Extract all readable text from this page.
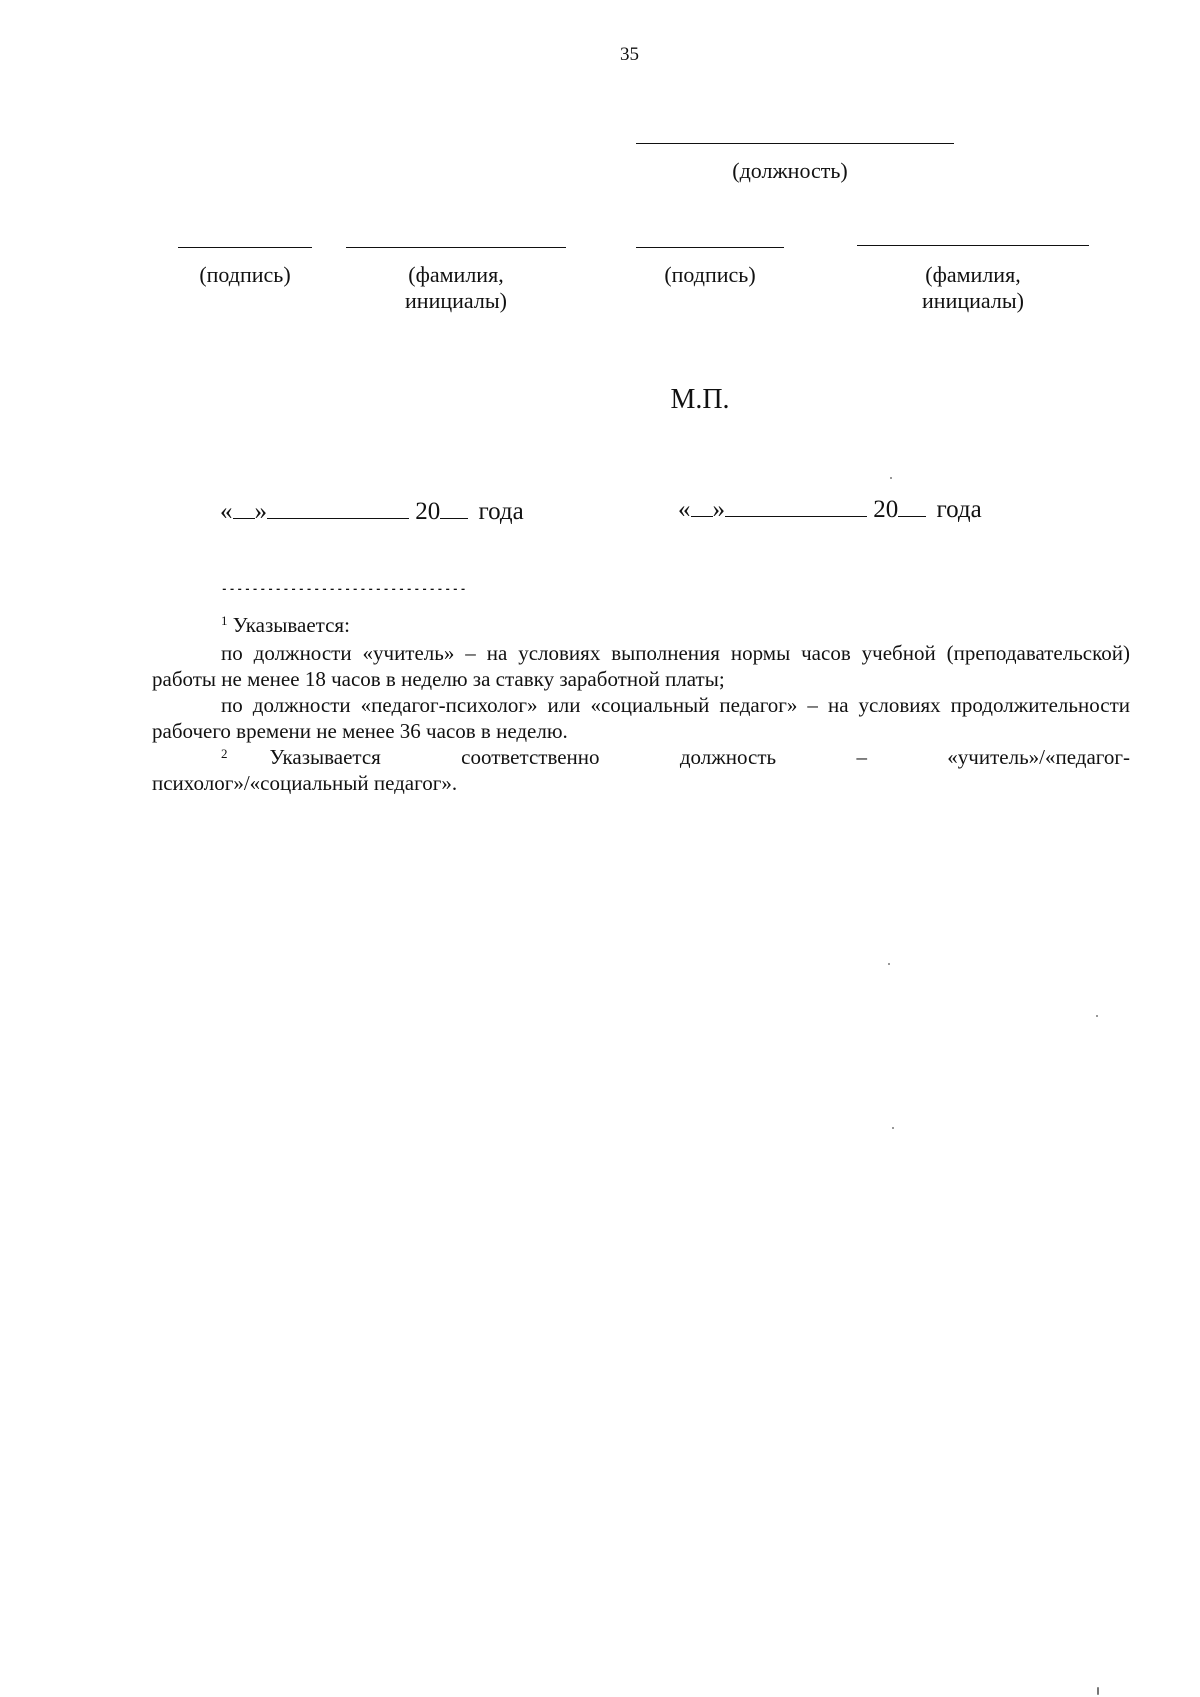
35
(должность)
(подпись)	(фамилия,
инициалы)
(подпись)	(фамилия,
инициалы)
М.П.
« »	20 года	« »	20 года
--------------------------------
$^1$ Указывается:
по должности «учитель» – на условиях выполнения нормы часов учебной (преподавательской) работы не менее 18 часов в неделю за ставку заработной платы;
по должности «педагог-психолог» или «социальный педагог» – на условиях продолжительности рабочего времени не менее 36 часов в неделю.
$^2$ Указывается	соответственно	должность	–	«учитель»/«педагог-
психолог»/«социальный педагог».
